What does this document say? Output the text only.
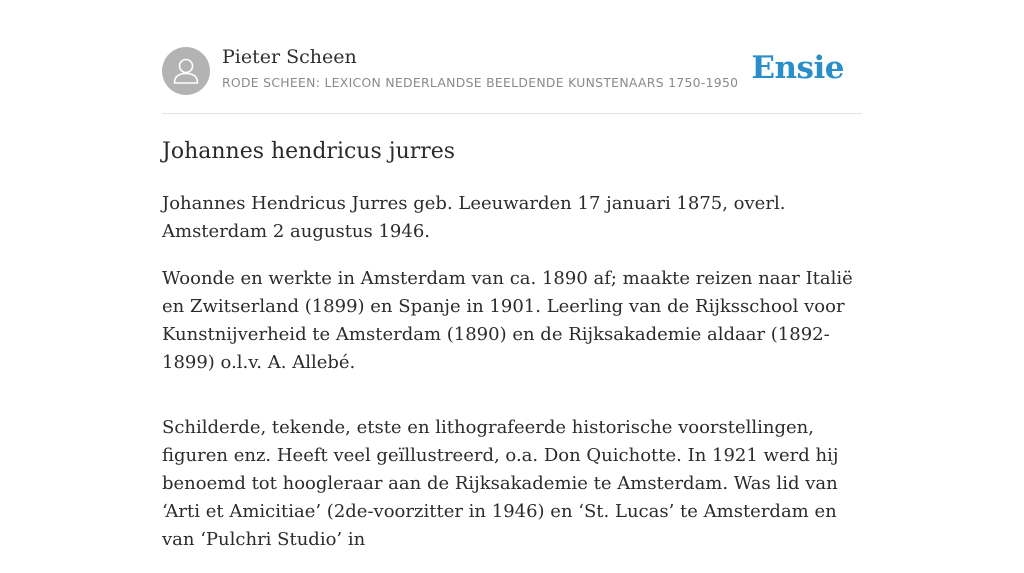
Pieter Scheen
RODE SCHEEN: LEXICON NEDERLANDSE BEELDENDE KUNSTENAARS 1750-1950 Ensie
Johannes hendricus jurres

Johannes Hendricus Jurres geb. Leeuwarden 17 januari 1875, overl. Amsterdam 2 augustus 1946.

Woonde en werkte in Amsterdam van ca. 1890 af; maakte reizen naar Italië en Zwitserland (1899) en Spanje in 1901. Leerling van de Rijksschool voor Kunstnijverheid te Amsterdam (1890) en de Rijksakademie aldaar (1892-1899) o.l.v. A. Allebé.

Schilderde, tekende, etste en lithografeerde historische voorstellingen, figuren enz. Heeft veel geïllustreerd, o.a. Don Quichotte. In 1921 werd hij benoemd tot hoogleraar aan de Rijksakademie te Amsterdam. Was lid van ‘Arti et Amicitiae’ (2de-voorzitter in 1946) en ‘St. Lucas’ te Amsterdam en van ‘Pulchri Studio’ in
